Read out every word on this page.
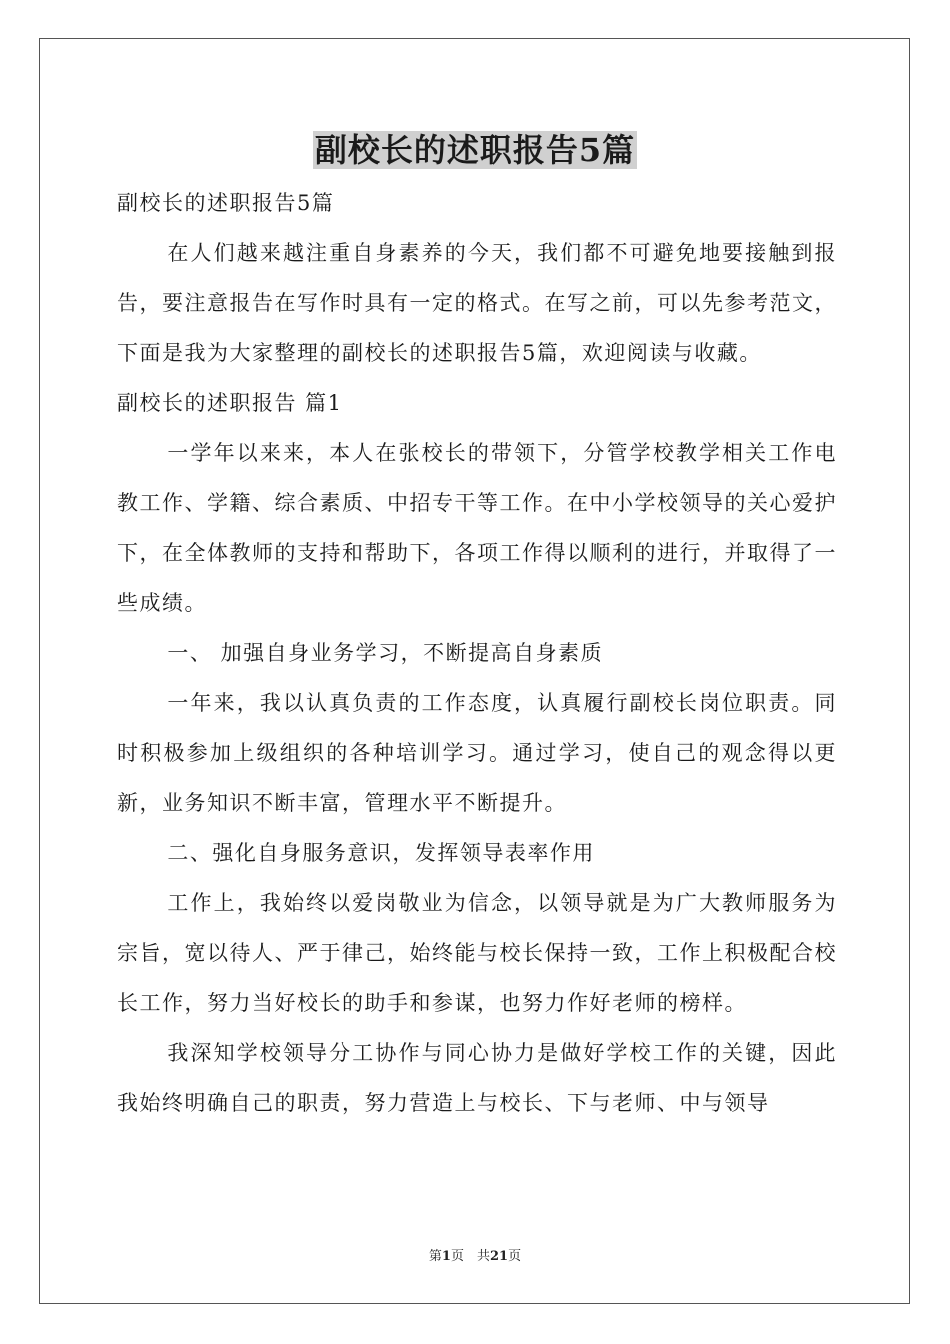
副校长的述职报告5篇

副校长的述职报告5篇

在人们越来越注重自身素养的今天，我们都不可避免地要接触到报告，要注意报告在写作时具有一定的格式。在写之前，可以先参考范文，下面是我为大家整理的副校长的述职报告5篇，欢迎阅读与收藏。

副校长的述职报告 篇1

一学年以来来，本人在张校长的带领下，分管学校教学相关工作电教工作、学籍、综合素质、中招专干等工作。在中小学校领导的关心爱护下，在全体教师的支持和帮助下，各项工作得以顺利的进行，并取得了一些成绩。

一、 加强自身业务学习，不断提高自身素质

一年来，我以认真负责的工作态度，认真履行副校长岗位职责。同时积极参加上级组织的各种培训学习。通过学习，使自己的观念得以更新，业务知识不断丰富，管理水平不断提升。

二、强化自身服务意识，发挥领导表率作用

工作上，我始终以爱岗敬业为信念，以领导就是为广大教师服务为宗旨，宽以待人、严于律己，始终能与校长保持一致，工作上积极配合校长工作，努力当好校长的助手和参谋，也努力作好老师的榜样。

我深知学校领导分工协作与同心协力是做好学校工作的关键，因此我始终明确自己的职责，努力营造上与校长、下与老师、中与领导

第1页　共21页
